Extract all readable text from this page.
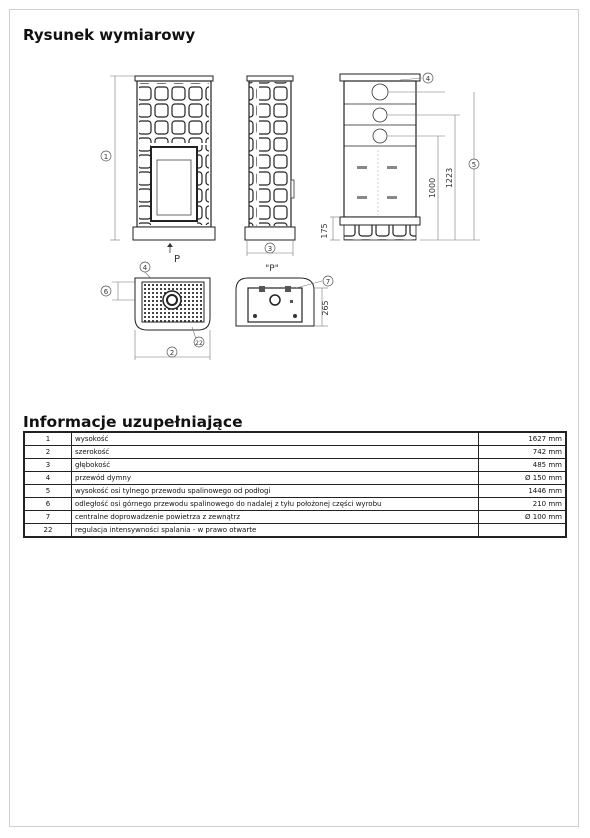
Rysunek wymiarowy
1
P
3
"P"
1000 1223
5
4
175
4
6
22
2
265
7
Informacje uzupełniające
1	wysokość	1627 mm
2	szerokość	742 mm
3	głębokość	485 mm
4	przewód dymny	Ø 150 mm
5	wysokość osi tylnego przewodu spalinowego od podłogi	1446 mm
6	odległość osi górnego przewodu spalinowego do nadalej z tyłu położonej części wyrobu	210 mm
7	centralne doprowadzenie powietrza z zewnątrz	Ø 100 mm
22	regulacja intensywności spalania - w prawo otwarte	
